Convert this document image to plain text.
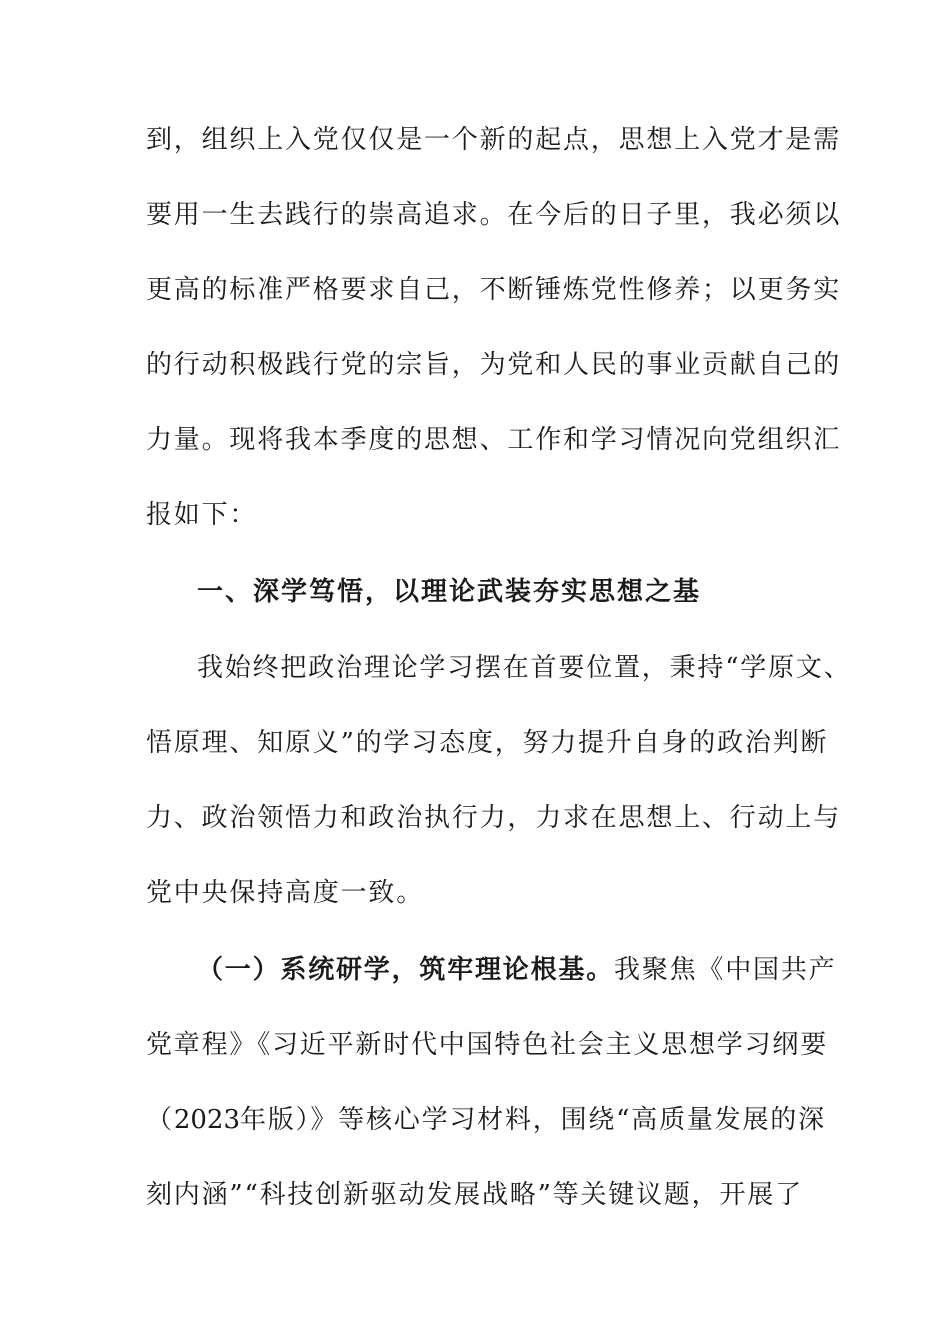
到，组织上入党仅仅是一个新的起点，思想上入党才是需
要用一生去践行的崇高追求。在今后的日子里，我必须以
更高的标准严格要求自己，不断锤炼党性修养；以更务实
的行动积极践行党的宗旨，为党和人民的事业贡献自己的
力量。现将我本季度的思想、工作和学习情况向党组织汇
报如下：
一、深学笃悟，以理论武装夯实思想之基
我始终把政治理论学习摆在首要位置，秉持“学原文、
悟原理、知原义”的学习态度，努力提升自身的政治判断
力、政治领悟力和政治执行力，力求在思想上、行动上与
党中央保持高度一致。
（一）系统研学，筑牢理论根基。我聚焦《中国共产
党章程》《习近平新时代中国特色社会主义思想学习纲要
（2023年版）》等核心学习材料，围绕“高质量发展的深
刻内涵”“科技创新驱动发展战略”等关键议题，开展了
